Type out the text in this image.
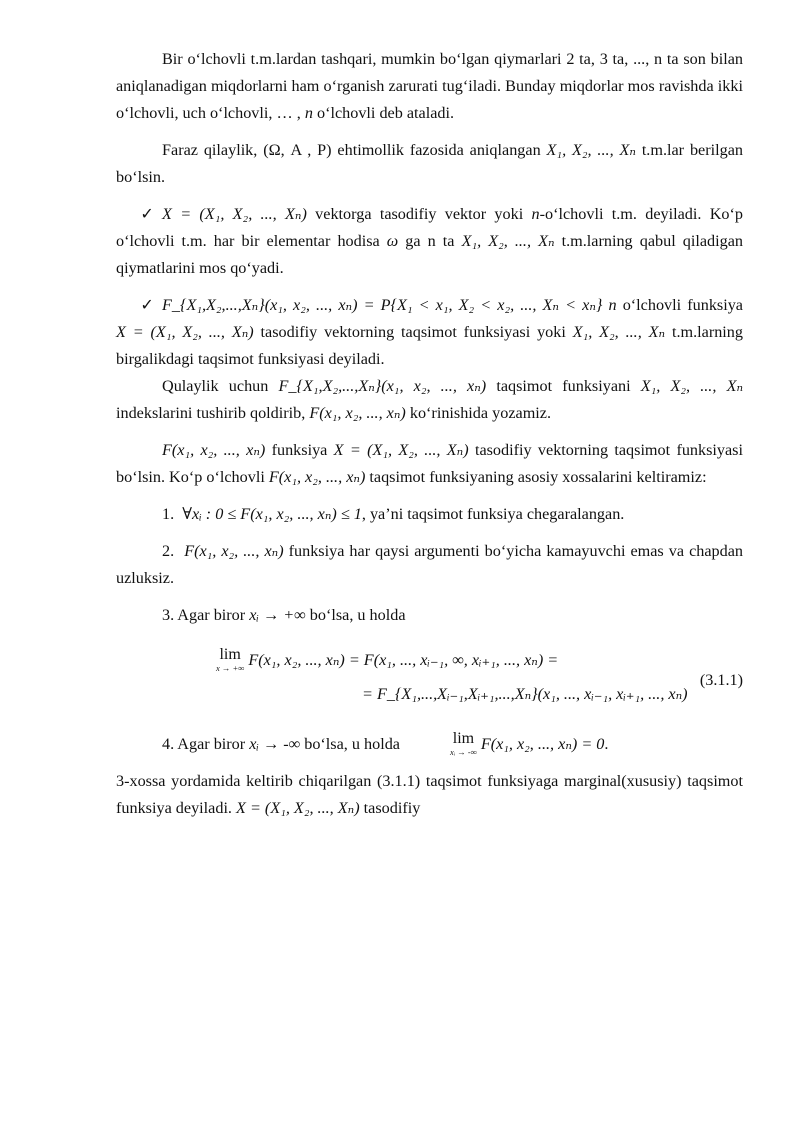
Bir o‘lchovli t.m.lardan tashqari, mumkin bo‘lgan qiymarlari 2 ta, 3 ta, ..., n ta son bilan aniqlanadigan miqdorlarni ham o‘rganish zarurati tug‘iladi. Bunday miqdorlar mos ravishda ikki o‘lchovli, uch o‘lchovli, … , n o‘lchovli deb ataladi.

Faraz qilaylik, (Ω, A , P) ehtimollik fazosida aniqlangan X₁, X₂, ..., Xₙ t.m.lar berilgan bo‘lsin.

✓ X = (X₁, X₂, ..., Xₙ) vektorga tasodifiy vektor yoki n-o‘lchovli t.m. deyiladi. Ko‘p o‘lchovli t.m. har bir elementar hodisa ω ga n ta X₁, X₂, ..., Xₙ t.m.larning qabul qiladigan qiymatlarini mos qo‘yadi.

✓ F_{X₁,X₂,...,Xₙ}(x₁, x₂, ..., xₙ) = P{X₁ < x₁, X₂ < x₂, ..., Xₙ < xₙ} n o‘lchovli funksiya X = (X₁, X₂, ..., Xₙ) tasodifiy vektorning taqsimot funksiyasi yoki X₁, X₂, ..., Xₙ t.m.larning birgalikdagi taqsimot funksiyasi deyiladi.

Qulaylik uchun F_{X₁,X₂,...,Xₙ}(x₁, x₂, ..., xₙ) taqsimot funksiyani X₁, X₂, ..., Xₙ indekslarini tushirib qoldirib, F(x₁, x₂, ..., xₙ) ko‘rinishida yozamiz.

F(x₁, x₂, ..., xₙ) funksiya X = (X₁, X₂, ..., Xₙ) tasodifiy vektorning taqsimot funksiyasi bo‘lsin. Ko‘p o‘lchovli F(x₁, x₂, ..., xₙ) taqsimot funksiyaning asosiy xossalarini keltiramiz:

1. ∀xᵢ : 0 ≤ F(x₁, x₂, ..., xₙ) ≤ 1, ya’ni taqsimot funksiya chegaralangan.

2. F(x₁, x₂, ..., xₙ) funksiya har qaysi argumenti bo‘yicha kamayuvchi emas va chapdan uzluksiz.

3. Agar biror xᵢ → +∞ bo‘lsa, u holda

lim
x → +∞ F(x₁, x₂, ..., xₙ) = F(x₁, ..., xᵢ₋₁, ∞, xᵢ₊₁, ..., xₙ) =
= F_{X₁,...,Xᵢ₋₁,Xᵢ₊₁,...,Xₙ}(x₁, ..., xᵢ₋₁, xᵢ₊₁, ..., xₙ)
(3.1.1)

4. Agar biror xᵢ → -∞ bo‘lsa, u holda	lim
xᵢ → -∞ F(x₁, x₂, ..., xₙ) = 0.

3-xossa yordamida keltirib chiqarilgan (3.1.1) taqsimot funksiyaga marginal(xususiy) taqsimot funksiya deyiladi. X = (X₁, X₂, ..., Xₙ) tasodifiy
